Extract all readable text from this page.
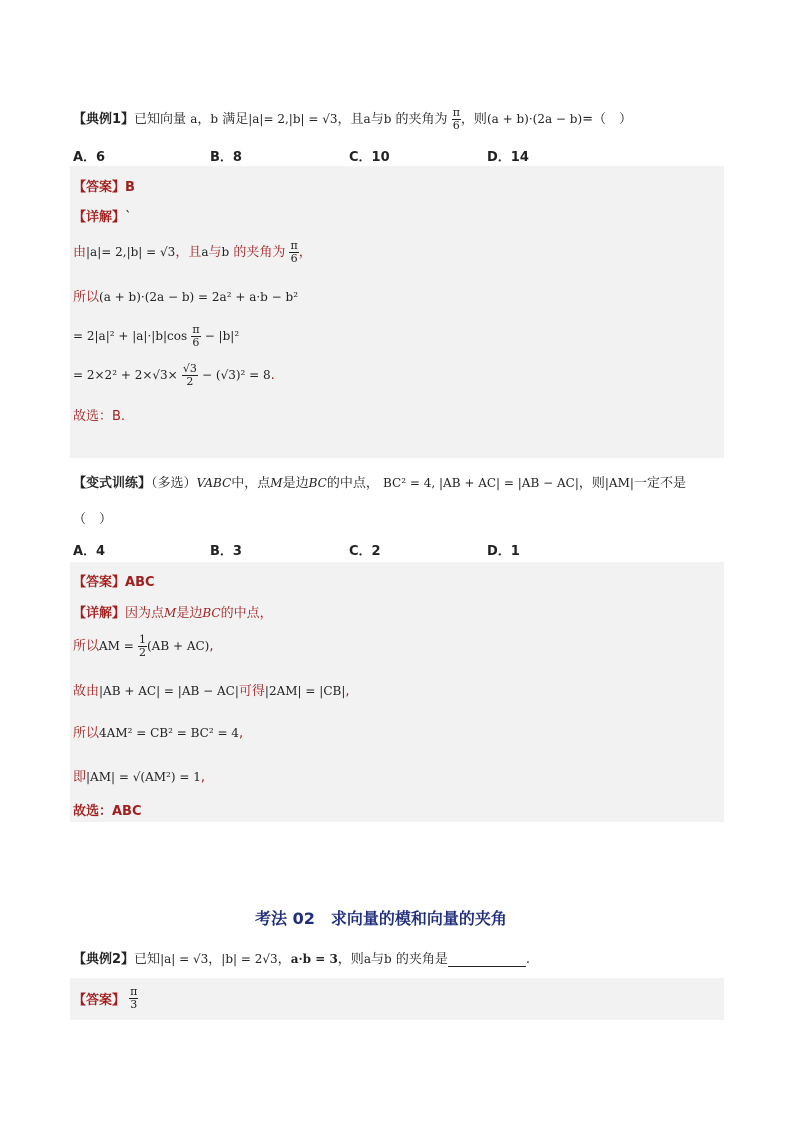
【典例1】已知向量 a，b 满足|a|= 2,|b| = √3，且a与b 的夹角为 $\frac{\pi}{6}$ ，则(a + b)·(2a − b)=（　）
A．6	B．8	C．10	D．14
【答案】B
【详解】`
由|a|= 2,|b| = √3，且a与b 的夹角为 $\frac{\pi}{6}$ ，
所以(a + b)·(2a − b) = 2a² + a·b − b²
= $2|a|^2 + |a|\cdot|b|\cos \frac{\pi}{6} - |b|^2$
= $2\times 2^2 + 2\times√3\times \frac{√3}{2} - (√3)^2 = 8$.
故选：B.
【变式训练】（多选）VABC中，点M是边BC的中点， BC² = 4, |AB + AC| = |AB − AC|，则|AM|一定不是
（　）
A．4	B．3	C．2	D．1
【答案】ABC
【详解】因为点M是边BC的中点，
所以AM = $\frac{1}{2} (AB + AC)$,
故由|AB + AC| = |AB − AC|可得|2AM| = |CB|,
所以4AM² = CB² = BC² = 4,
即|AM| = √(AM²) = 1,
故选：ABC
考法 02　 求向量的模和向量的夹角
【典例2】已知|a| = √3，|b| = 2√3，a·b = 3，则a与b 的夹角是	.
【答案】 $\frac{\pi}{3}$
